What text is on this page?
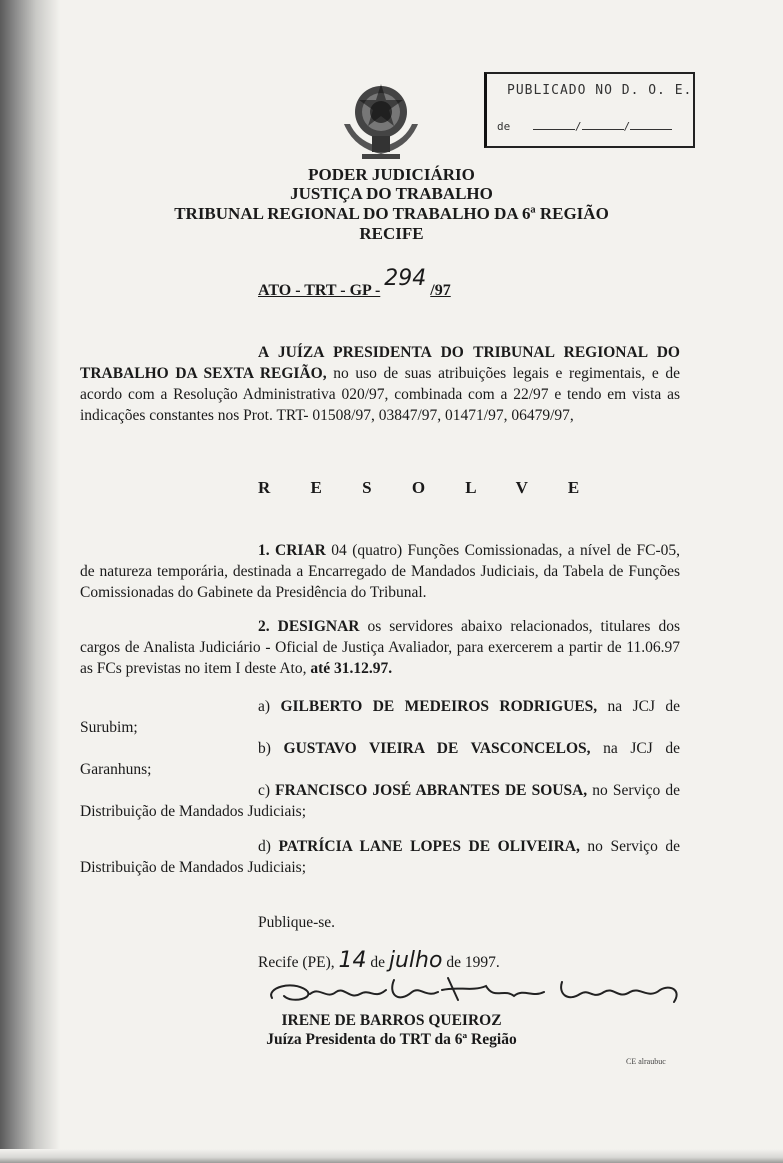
PUBLICADO NO D. O. E.
de	/	/
PODER JUDICIÁRIO
JUSTIÇA DO TRABALHO
TRIBUNAL REGIONAL DO TRABALHO DA 6ª REGIÃO
RECIFE
ATO - TRT - GP - 294 /97
A JUÍZA PRESIDENTA DO TRIBUNAL REGIONAL DO TRABALHO DA SEXTA REGIÃO, no uso de suas atribuições legais e regimentais, e de acordo com a Resolução Administrativa 020/97, combinada com a 22/97 e tendo em vista as indicações constantes nos Prot. TRT- 01508/97, 03847/97, 01471/97, 06479/97,
R E S O L V E
1. CRIAR 04 (quatro) Funções Comissionadas, a nível de FC-05, de natureza temporária, destinada a Encarregado de Mandados Judiciais, da Tabela de Funções Comissionadas do Gabinete da Presidência do Tribunal.
2. DESIGNAR os servidores abaixo relacionados, titulares dos cargos de Analista Judiciário - Oficial de Justiça Avaliador, para exercerem a partir de 11.06.97 as FCs previstas no item I deste Ato, até 31.12.97.
a) GILBERTO DE MEDEIROS RODRIGUES, na JCJ de Surubim;
b) GUSTAVO VIEIRA DE VASCONCELOS, na JCJ de Garanhuns;
c) FRANCISCO JOSÉ ABRANTES DE SOUSA, no Serviço de Distribuição de Mandados Judiciais;
d) PATRÍCIA LANE LOPES DE OLIVEIRA, no Serviço de Distribuição de Mandados Judiciais;
Publique-se.
Recife (PE), 14 de julho de 1997.
IRENE DE BARROS QUEIROZ
Juíza Presidenta do TRT da 6ª Região
CE alraubuc
